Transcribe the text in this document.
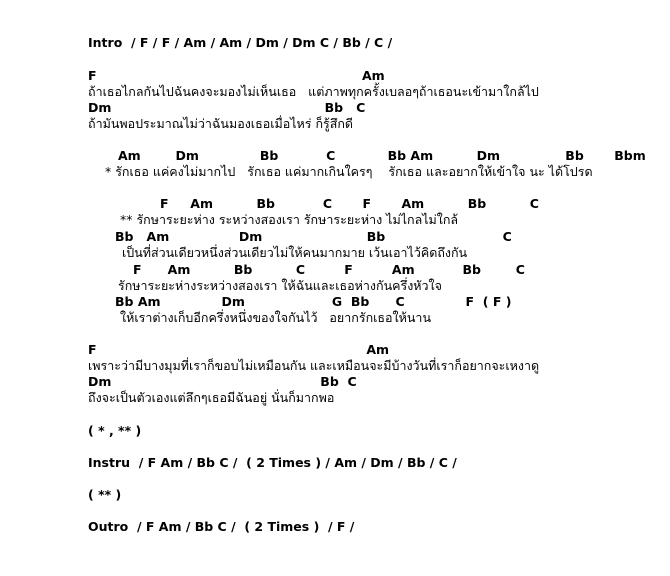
Intro  / F / F / Am / Am / Dm / Dm C / Bb / C /
F                                                             Am
ถ้าเธอไกลกันไปฉันคงจะมองไม่เห็นเธอ   แต่ภาพทุกครั้งเบลอๆถ้าเธอนะเข้ามาใกล้ไป
Dm                                                 Bb   C
ถ้ามันพอประมาณไม่ว่าฉันมองเธอเมื่อไหร่ ก็รู้สึกดี
Am        Dm              Bb           C            Bb Am          Dm               Bb       Bbm
* รักเธอ แค่คงไม่มากไป   รักเธอ แค่มากเกินใครๆ    รักเธอ และอยากให้เข้าใจ นะ ได้โปรด
F     Am          Bb           C       F       Am          Bb          C
** รักษาระยะห่าง ระหว่างสองเรา รักษาระยะห่าง ไม่ไกลไม่ใกล้
Bb   Am                Dm                        Bb                           C
เป็นที่ส่วนเดียวหนึ่งส่วนเดียวไม่ให้คนมากมาย เว้นเอาไว้คิดถึงกัน
F      Am          Bb          C         F         Am           Bb        C
รักษาระยะห่างระหว่างสองเรา ให้ฉันและเธอห่างกันครึ่งหัวใจ
Bb Am              Dm                    G  Bb      C              F  ( F )
ให้เราต่างเก็บอีกครึ่งหนึ่งของใจกันไว้   อยากรักเธอให้นาน
F                                                              Am
เพราะว่ามีบางมุมที่เราก็ขอบไม่เหมือนกัน และเหมือนจะมีบ้างวันที่เราก็อยากจะเหงาดู
Dm                                                Bb  C
ถึงจะเป็นตัวเองแต่ลึกๆเธอมีฉันอยู่ นั่นก็มากพอ
( * , ** )
Instru  / F Am / Bb C /  ( 2 Times ) / Am / Dm / Bb / C /
( ** )
Outro  / F Am / Bb C /  ( 2 Times )  / F /
